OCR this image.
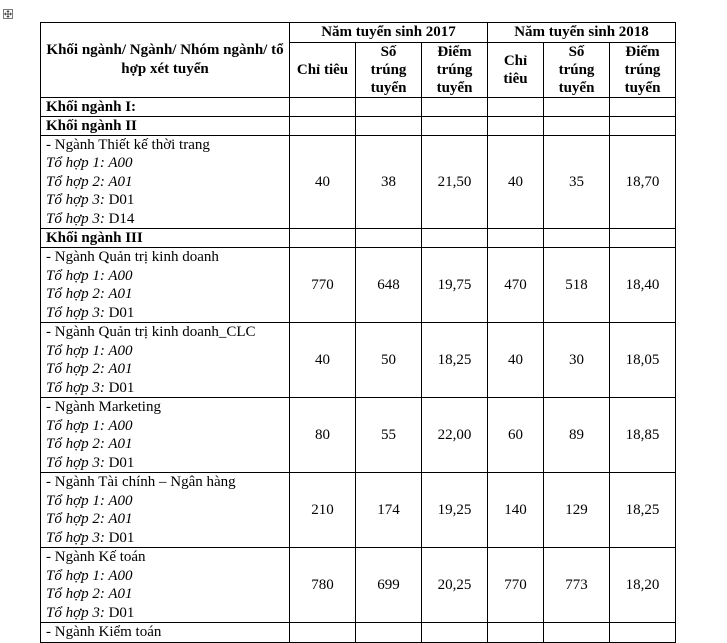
Khối ngành/ Ngành/ Nhóm ngành/ tổ hợp xét tuyển	Năm tuyển sinh 2017			Năm tuyển sinh 2018		
	Chỉ tiêu	Số trúng tuyển	Điểm trúng tuyển	Chỉ tiêu	Số trúng tuyển	Điểm trúng tuyển
Khối ngành I:						
Khối ngành II						

- Ngành Thiết kế thời trang
Tổ hợp 1: A00
Tổ hợp 2: A01
Tổ hợp 3: D01
Tổ hợp 3: D14	40	38	21,50	40	35	18,70
Khối ngành III						

- Ngành Quản trị kinh doanh
Tổ hợp 1: A00
Tổ hợp 2: A01
Tổ hợp 3: D01	770	648	19,75	470	518	18,40

- Ngành Quản trị kinh doanh_CLC
Tổ hợp 1: A00
Tổ hợp 2: A01
Tổ hợp 3: D01	40	50	18,25	40	30	18,05

- Ngành Marketing
Tổ hợp 1: A00
Tổ hợp 2: A01
Tổ hợp 3: D01	80	55	22,00	60	89	18,85

- Ngành Tài chính – Ngân hàng
Tổ hợp 1: A00
Tổ hợp 2: A01
Tổ hợp 3: D01	210	174	19,25	140	129	18,25

- Ngành Kế toán
Tổ hợp 1: A00
Tổ hợp 2: A01
Tổ hợp 3: D01	780	699	20,25	770	773	18,20

- Ngành Kiểm toán						
